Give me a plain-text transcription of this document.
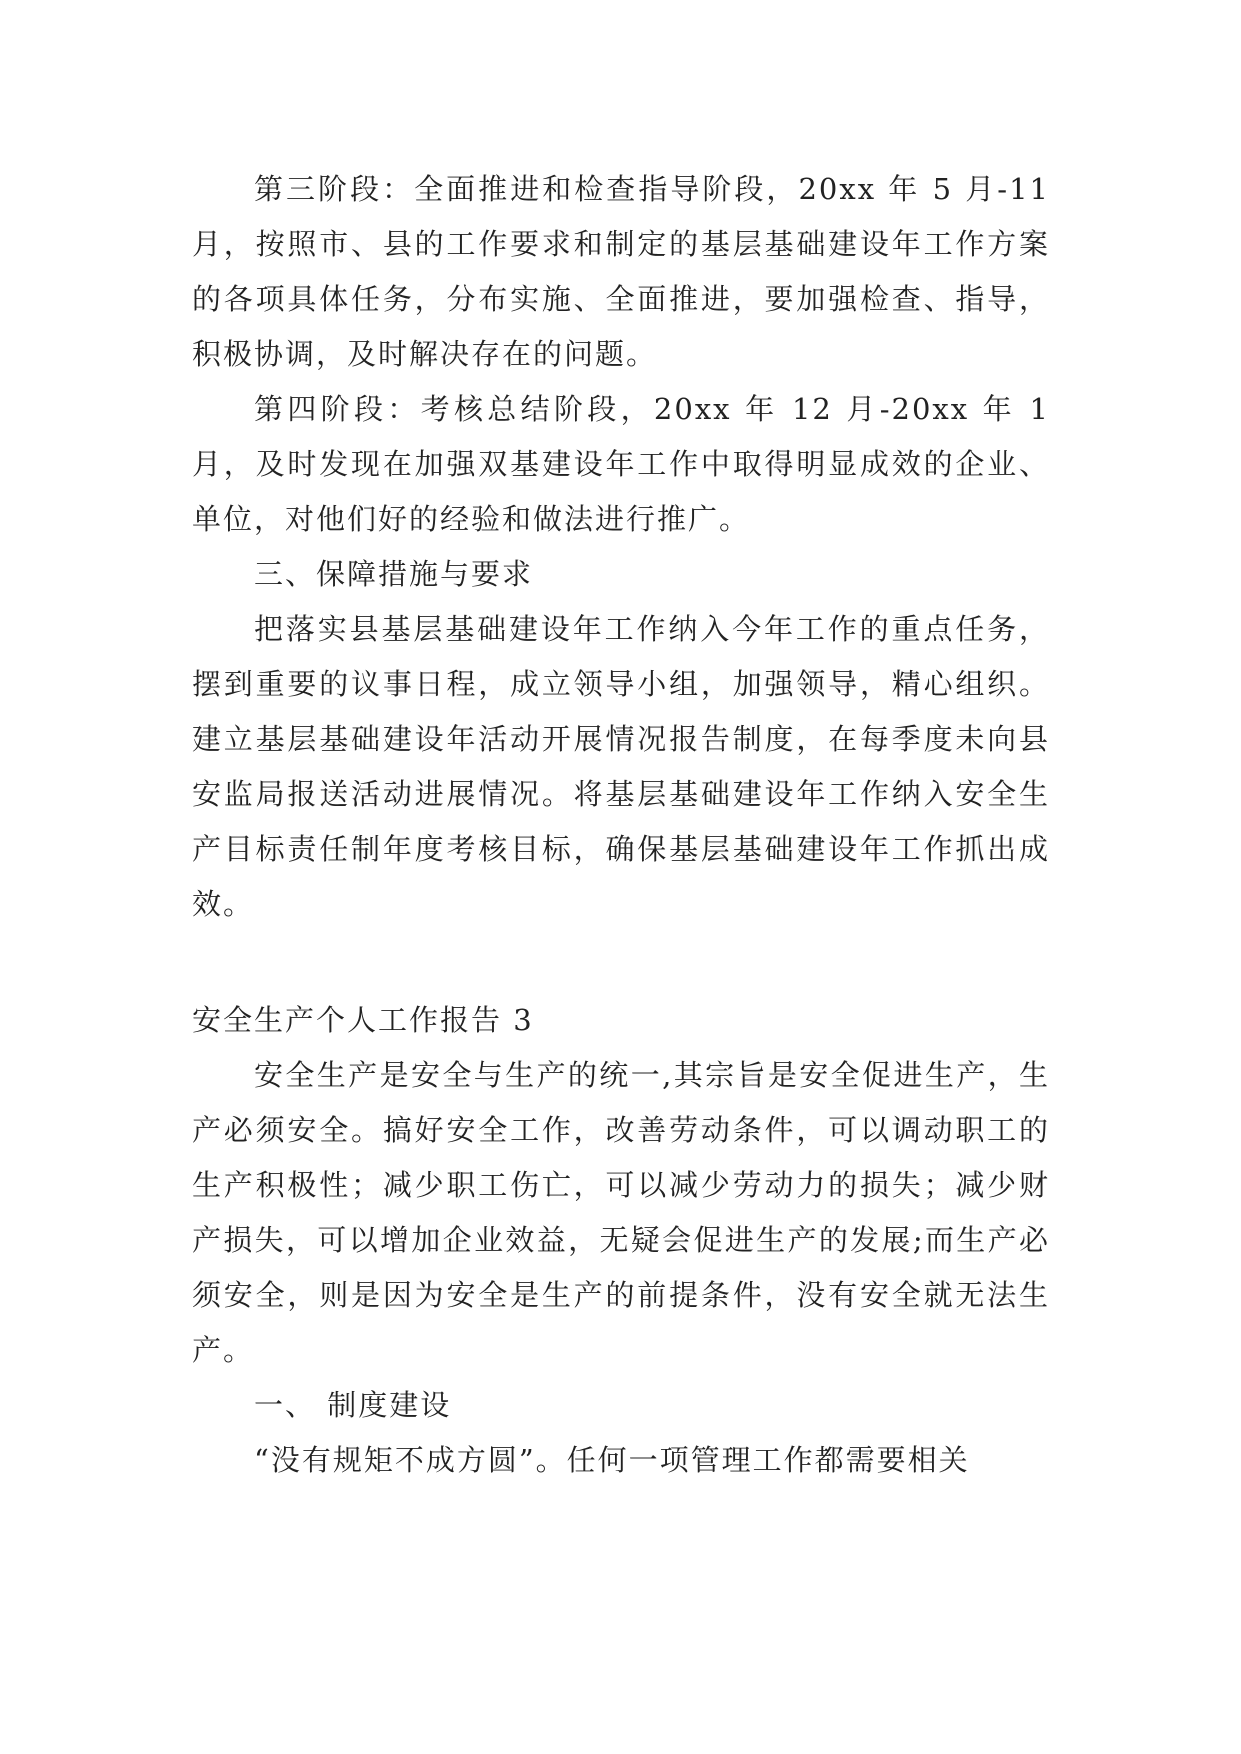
第三阶段：全面推进和检查指导阶段，20xx 年 5 月-11 月，按照市、县的工作要求和制定的基层基础建设年工作方案的各项具体任务，分布实施、全面推进，要加强检查、指导，积极协调，及时解决存在的问题。

第四阶段：考核总结阶段，20xx 年 12 月-20xx 年 1 月，及时发现在加强双基建设年工作中取得明显成效的企业、单位，对他们好的经验和做法进行推广。

三、保障措施与要求

把落实县基层基础建设年工作纳入今年工作的重点任务，摆到重要的议事日程，成立领导小组，加强领导，精心组织。建立基层基础建设年活动开展情况报告制度，在每季度未向县安监局报送活动进展情况。将基层基础建设年工作纳入安全生产目标责任制年度考核目标，确保基层基础建设年工作抓出成效。

安全生产个人工作报告 3

安全生产是安全与生产的统一,其宗旨是安全促进生产，生产必须安全。搞好安全工作，改善劳动条件，可以调动职工的生产积极性；减少职工伤亡，可以减少劳动力的损失；减少财产损失，可以增加企业效益，无疑会促进生产的发展;而生产必须安全，则是因为安全是生产的前提条件，没有安全就无法生产。

一、 制度建设

“没有规矩不成方圆”。任何一项管理工作都需要相关
